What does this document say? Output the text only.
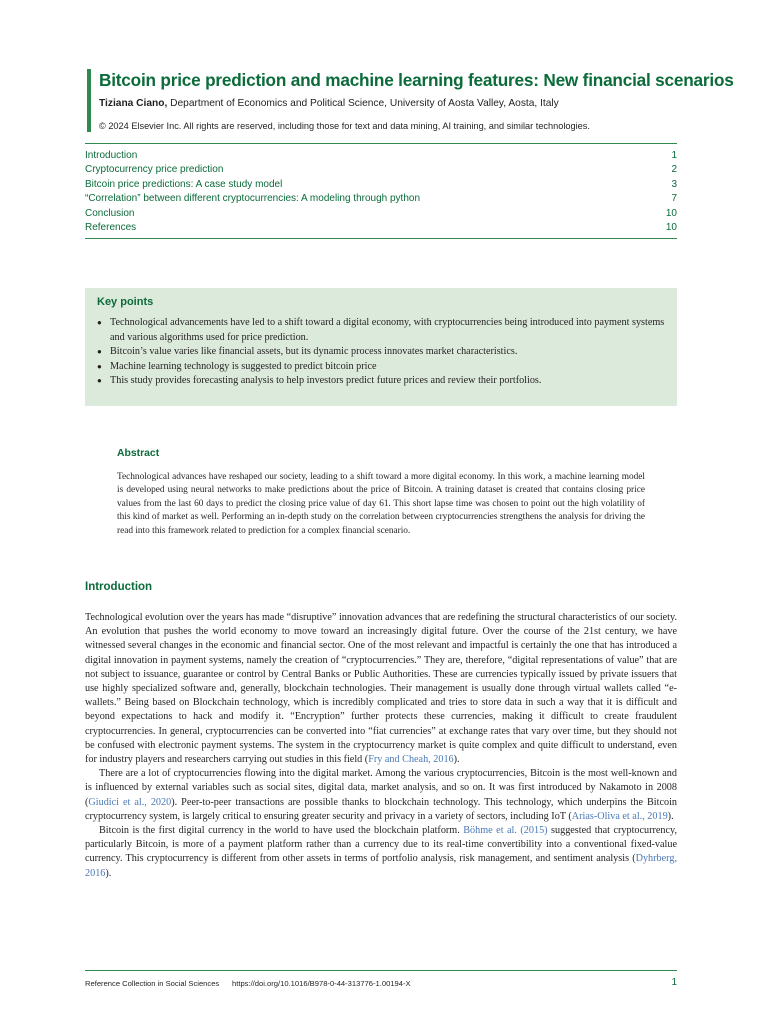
Bitcoin price prediction and machine learning features: New financial scenarios
Tiziana Ciano, Department of Economics and Political Science, University of Aosta Valley, Aosta, Italy
© 2024 Elsevier Inc. All rights are reserved, including those for text and data mining, AI training, and similar technologies.
Introduction	1
Cryptocurrency price prediction	2
Bitcoin price predictions: A case study model	3
“Correlation” between different cryptocurrencies: A modeling through python	7
Conclusion	10
References	10
Key points
● Technological advancements have led to a shift toward a digital economy, with cryptocurrencies being introduced into payment systems and various algorithms used for price prediction.
● Bitcoin’s value varies like financial assets, but its dynamic process innovates market characteristics.
● Machine learning technology is suggested to predict bitcoin price
● This study provides forecasting analysis to help investors predict future prices and review their portfolios.
Abstract

Technological advances have reshaped our society, leading to a shift toward a more digital economy. In this work, a machine learning model is developed using neural networks to make predictions about the price of Bitcoin. A training dataset is created that contains closing price values from the last 60 days to predict the closing price value of day 61. This short lapse time was chosen to point out the high volatility of this kind of market as well. Performing an in-depth study on the correlation between cryptocurrencies strengthens the analysis for driving the read into this framework related to prediction for a complex financial scenario.

Introduction

Technological evolution over the years has made “disruptive” innovation advances that are redefining the structural characteristics of our society. An evolution that pushes the world economy to move toward an increasingly digital future. Over the course of the 21st century, we have witnessed several changes in the economic and financial sector. One of the most relevant and impactful is certainly the one that has introduced a digital innovation in payment systems, namely the creation of “cryptocurrencies.” They are, therefore, “digital representations of value” that are not subject to issuance, guarantee or control by Central Banks or Public Authorities. These are currencies typically issued by private issuers that use highly specialized software and, generally, blockchain technologies. Their management is usually done through virtual wallets called “e-wallets.” Being based on Blockchain technology, which is incredibly complicated and tries to store data in such a way that it is difficult and beyond expectations to hack and modify it. “Encryption” further protects these currencies, making it difficult to create fraudulent cryptocurrencies. In general, cryptocurrencies can be converted into “fiat currencies” at exchange rates that vary over time, but they should not be confused with electronic payment systems. The system in the cryptocurrency market is quite complex and quite difficult to understand, even for industry players and researchers carrying out studies in this field (Fry and Cheah, 2016).

There are a lot of cryptocurrencies flowing into the digital market. Among the various cryptocurrencies, Bitcoin is the most well-known and is influenced by external variables such as social sites, digital data, market analysis, and so on. It was first introduced by Nakamoto in 2008 (Giudici et al., 2020). Peer-to-peer transactions are possible thanks to blockchain technology. This technology, which underpins the Bitcoin cryptocurrency system, is largely critical to ensuring greater security and privacy in a variety of sectors, including IoT (Arias-Oliva et al., 2019).

Bitcoin is the first digital currency in the world to have used the blockchain platform. Böhme et al. (2015) suggested that cryptocurrency, particularly Bitcoin, is more of a payment platform rather than a currency due to its real-time convertibility into a conventional fixed-value currency. This cryptocurrency is different from other assets in terms of portfolio analysis, risk management, and sentiment analysis (Dyhrberg, 2016).

Reference Collection in Social Sciences	https://doi.org/10.1016/B978-0-44-313776-1.00194-X	1
